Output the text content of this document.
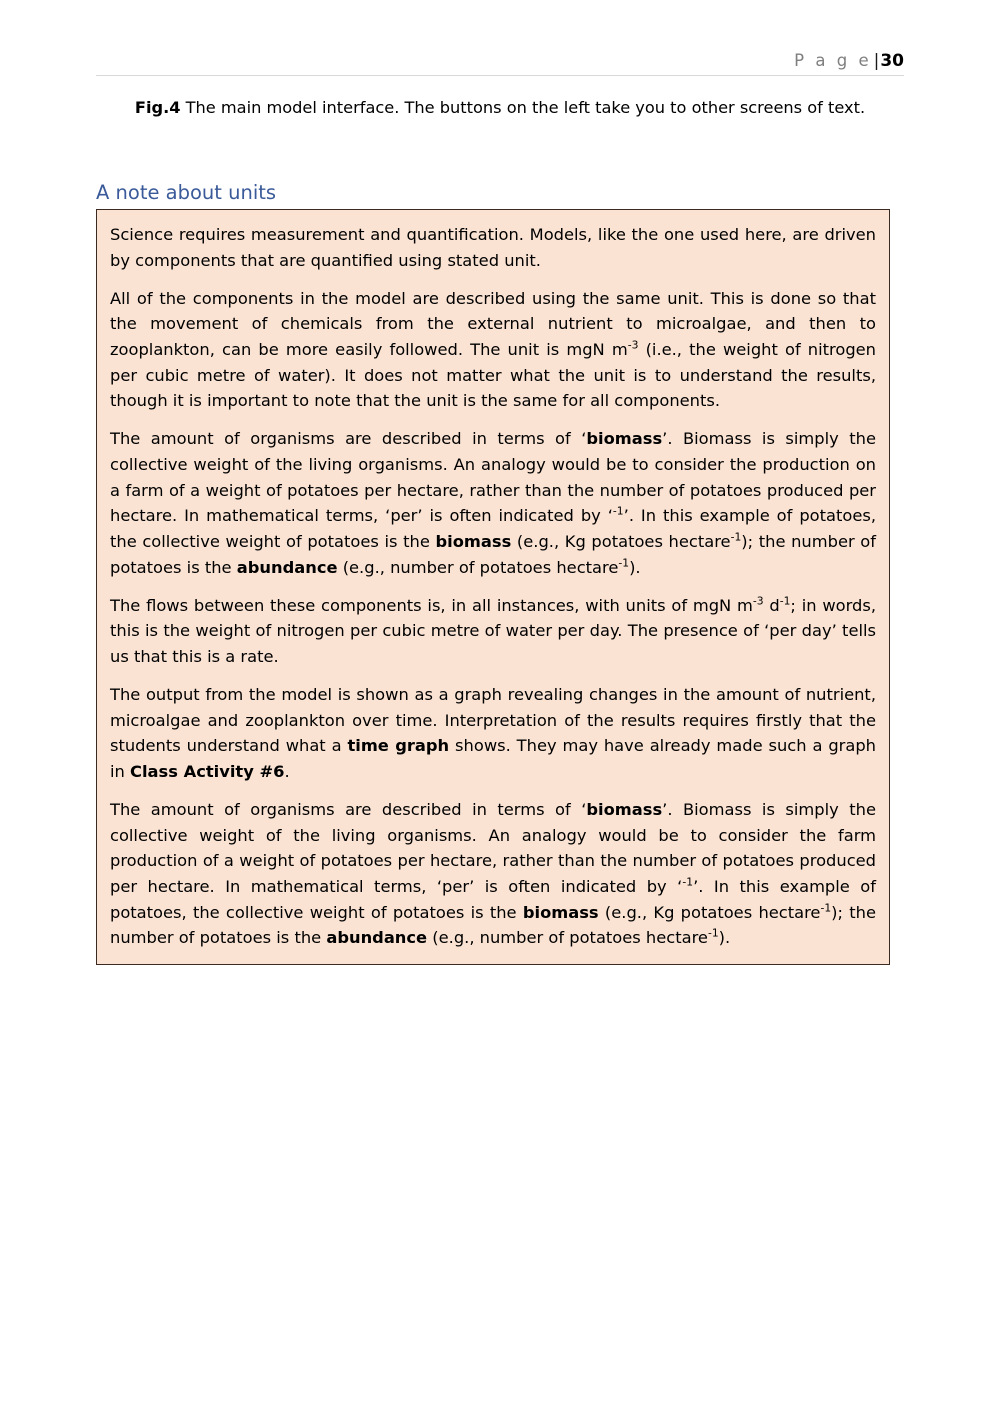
P a g e |30
Fig.4 The main model interface. The buttons on the left take you to other screens of text.
A note about units

Science requires measurement and quantification. Models, like the one used here, are driven by components that are quantified using stated unit.

All of the components in the model are described using the same unit. This is done so that the movement of chemicals from the external nutrient to microalgae, and then to zooplankton, can be more easily followed. The unit is mgN $m^{-3}$ (i.e., the weight of nitrogen per cubic metre of water). It does not matter what the unit is to understand the results, though it is important to note that the unit is the same for all components.

The amount of organisms are described in terms of ‘biomass’. Biomass is simply the collective weight of the living organisms. An analogy would be to consider the production on a farm of a weight of potatoes per hectare, rather than the number of potatoes produced per hectare. In mathematical terms, ‘per’ is often indicated by ‘$^{-1}$’. In this example of potatoes, the collective weight of potatoes is the biomass (e.g., Kg potatoes hectare$^{-1}$); the number of potatoes is the abundance (e.g., number of potatoes hectare$^{-1}$).

The flows between these components is, in all instances, with units of mgN $m^{-3}$ $d^{-1}$; in words, this is the weight of nitrogen per cubic metre of water per day. The presence of ‘per day’ tells us that this is a rate.

The output from the model is shown as a graph revealing changes in the amount of nutrient, microalgae and zooplankton over time. Interpretation of the results requires firstly that the students understand what a time graph shows. They may have already made such a graph in Class Activity #6.

The amount of organisms are described in terms of ‘biomass’. Biomass is simply the collective weight of the living organisms. An analogy would be to consider the farm production of a weight of potatoes per hectare, rather than the number of potatoes produced per hectare. In mathematical terms, ‘per’ is often indicated by ‘$^{-1}$’. In this example of potatoes, the collective weight of potatoes is the biomass (e.g., Kg potatoes hectare$^{-1}$); the number of potatoes is the abundance (e.g., number of potatoes hectare$^{-1}$).
